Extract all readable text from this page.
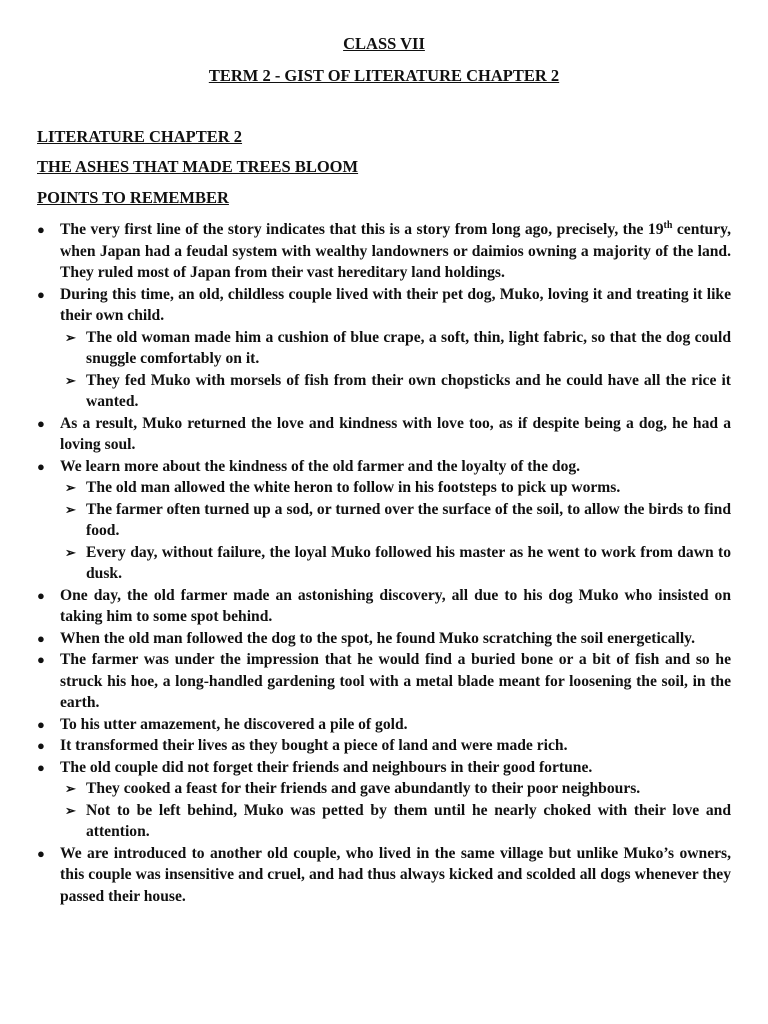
CLASS VII

TERM 2 - GIST OF LITERATURE CHAPTER 2

LITERATURE CHAPTER 2

THE ASHES THAT MADE TREES BLOOM

POINTS TO REMEMBER

● The very first line of the story indicates that this is a story from long ago, precisely, the 19th century, when Japan had a feudal system with wealthy landowners or daimios owning a majority of the land. They ruled most of Japan from their vast hereditary land holdings.
● During this time, an old, childless couple lived with their pet dog, Muko, loving it and treating it like their own child.
➢ The old woman made him a cushion of blue crape, a soft, thin, light fabric, so that the dog could snuggle comfortably on it.
➢ They fed Muko with morsels of fish from their own chopsticks and he could have all the rice it wanted.
● As a result, Muko returned the love and kindness with love too, as if despite being a dog, he had a loving soul.
● We learn more about the kindness of the old farmer and the loyalty of the dog.
➢ The old man allowed the white heron to follow in his footsteps to pick up worms.
➢ The farmer often turned up a sod, or turned over the surface of the soil, to allow the birds to find food.
➢ Every day, without failure, the loyal Muko followed his master as he went to work from dawn to dusk.
● One day, the old farmer made an astonishing discovery, all due to his dog Muko who insisted on taking him to some spot behind.
● When the old man followed the dog to the spot, he found Muko scratching the soil energetically.
● The farmer was under the impression that he would find a buried bone or a bit of fish and so he struck his hoe, a long-handled gardening tool with a metal blade meant for loosening the soil, in the earth.
● To his utter amazement, he discovered a pile of gold.
● It transformed their lives as they bought a piece of land and were made rich.
● The old couple did not forget their friends and neighbours in their good fortune.
➢ They cooked a feast for their friends and gave abundantly to their poor neighbours.
➢ Not to be left behind, Muko was petted by them until he nearly choked with their love and attention.
● We are introduced to another old couple, who lived in the same village but unlike Muko’s owners, this couple was insensitive and cruel, and had thus always kicked and scolded all dogs whenever they passed their house.
